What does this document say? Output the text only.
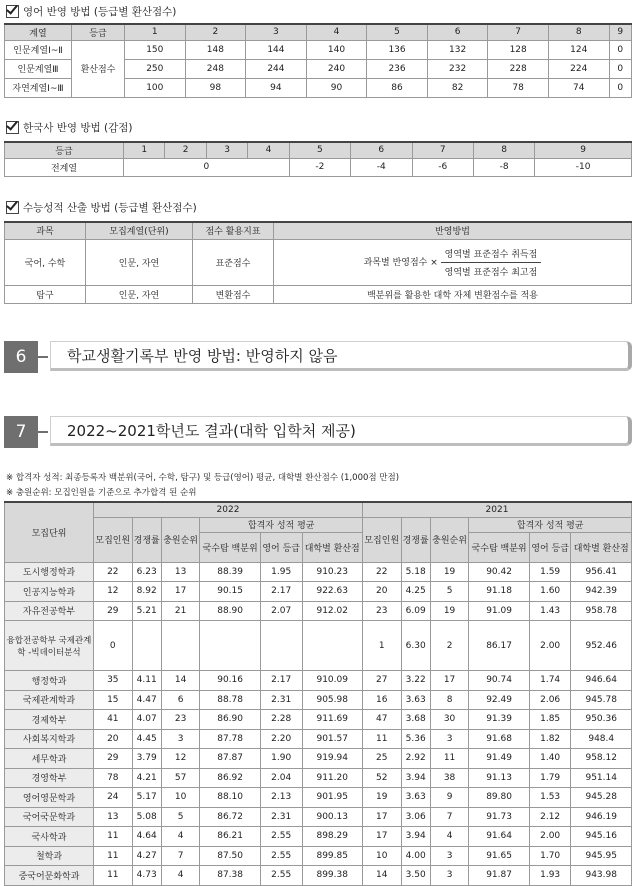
영어 반영 방법 (등급별 환산점수)
계열	등급	1	2	3	4	5	6	7	8	9
인문계열Ⅰ~Ⅱ	환산점수	150	148	144	140	136	132	128	124	0
인문계열Ⅲ		250	248	244	240	236	232	228	224	0
자연계열Ⅰ~Ⅲ		100	98	94	90	86	82	78	74	0
한국사 반영 방법 (감점)
등급	1	2	3	4	5	6	7	8	9
전계열	0				-2	-4	-6	-8	-10
수능성적 산출 방법 (등급별 환산점수)
과목	모집계열(단위)	점수 활용지표	반영방법
국어, 수학	인문, 자연	표준점수	과목별 반영점수 × $\frac{\text{영역별 표준점수 취득점}}{\text{영역별 표준점수 최고점}}$

탐구	인문, 자연	변환점수	백분위를 활용한 대학 자체 변환점수를 적용
6	학교생활기록부 반영 방법: 반영하지 않음
7	2022~2021학년도 결과(대학 입학처 제공)
※ 합격자 성적: 최종등록자 백분위(국어, 수학, 탐구) 및 등급(영어) 평균, 대학별 환산점수 (1,000점 만점)
※ 충원순위: 모집인원을 기준으로 추가합격 된 순위
모집단위	2022						2021					
	모집인원	경쟁률	충원순위	합격자 성적 평균			모집인원	경쟁률	충원순위	합격자 성적 평균		
				국수탐 백분위	영어 등급	대학별 환산점				국수탐 백분위	영어 등급	대학별 환산점
도시행정학과	22	6.23	13	88.39	1.95	910.23	22	5.18	19	90.42	1.59	956.41
인공지능학과	12	8.92	17	90.15	2.17	922.63	20	4.25	5	91.18	1.60	942.39
자유전공학부	29	5.21	21	88.90	2.07	912.02	23	6.09	19	91.09	1.43	958.78
융합전공학부 국제관계학 -빅데이터분석	0						1	6.30	2	86.17	2.00	952.46
행정학과	35	4.11	14	90.16	2.17	910.09	27	3.22	17	90.74	1.74	946.64
국제관계학과	15	4.47	6	88.78	2.31	905.98	16	3.63	8	92.49	2.06	945.78
경제학부	41	4.07	23	86.90	2.28	911.69	47	3.68	30	91.39	1.85	950.36
사회복지학과	20	4.45	3	87.78	2.20	901.57	11	5.36	3	91.68	1.82	948.4
세무학과	29	3.79	12	87.87	1.90	919.94	25	2.92	11	91.49	1.40	958.12
경영학부	78	4.21	57	86.92	2.04	911.20	52	3.94	38	91.13	1.79	951.14
영어영문학과	24	5.17	10	88.10	2.13	901.95	19	3.63	9	89.80	1.53	945.28
국어국문학과	13	5.08	5	86.72	2.31	900.13	17	3.06	7	91.73	2.12	946.19
국사학과	11	4.64	4	86.21	2.55	898.29	17	3.94	4	91.64	2.00	945.16
철학과	11	4.27	7	87.50	2.55	899.85	10	4.00	3	91.65	1.70	945.95
중국어문화학과	11	4.73	4	87.38	2.55	899.38	14	3.50	3	91.87	1.93	943.98
